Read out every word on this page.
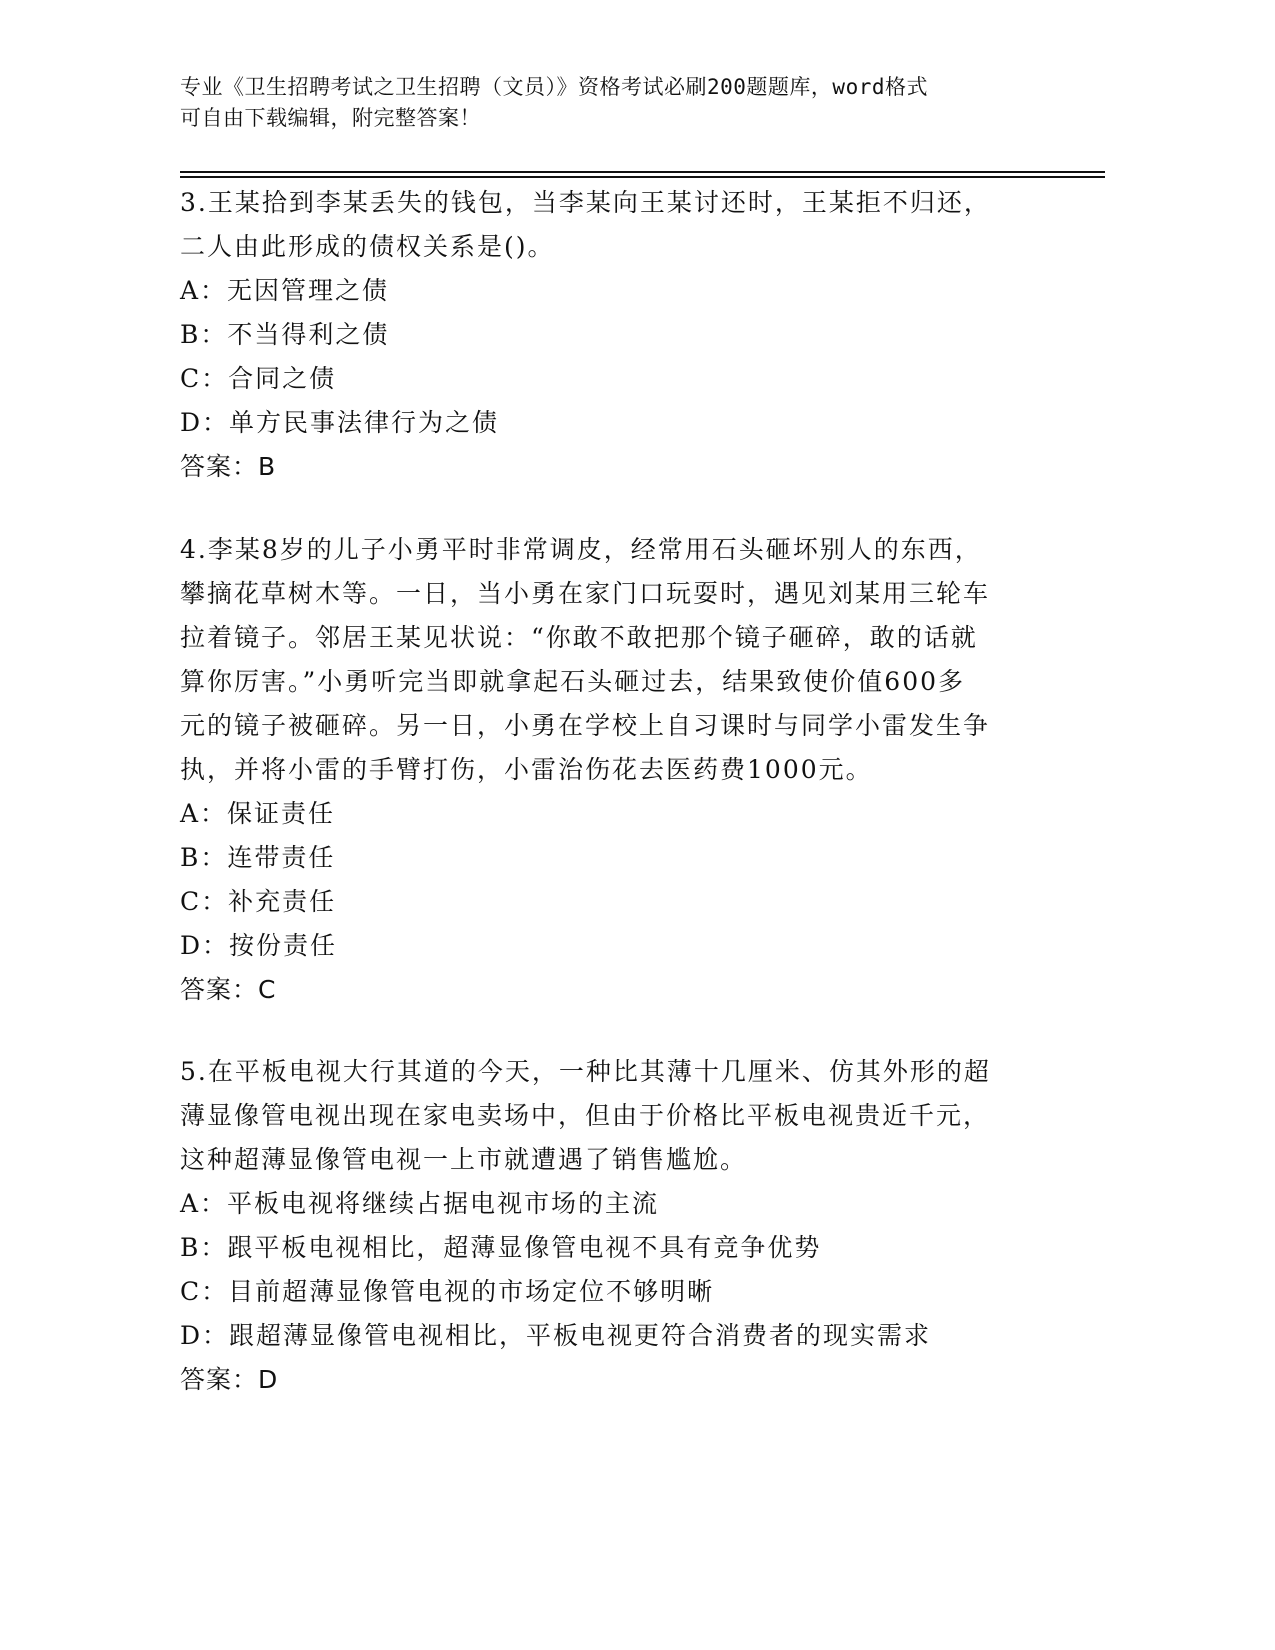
专业《卫生招聘考试之卫生招聘（文员）》资格考试必刷200题题库，word格式
可自由下载编辑，附完整答案！
3.王某拾到李某丢失的钱包，当李某向王某讨还时，王某拒不归还，
二人由此形成的债权关系是()。
A：无因管理之债
B：不当得利之债
C：合同之债
D：单方民事法律行为之债
答案：B
4.李某8岁的儿子小勇平时非常调皮，经常用石头砸坏别人的东西，
攀摘花草树木等。一日，当小勇在家门口玩耍时，遇见刘某用三轮车
拉着镜子。邻居王某见状说：“你敢不敢把那个镜子砸碎，敢的话就
算你厉害。”小勇听完当即就拿起石头砸过去，结果致使价值600多
元的镜子被砸碎。另一日，小勇在学校上自习课时与同学小雷发生争
执，并将小雷的手臂打伤，小雷治伤花去医药费1000元。
A：保证责任
B：连带责任
C：补充责任
D：按份责任
答案：C
5.在平板电视大行其道的今天，一种比其薄十几厘米、仿其外形的超
薄显像管电视出现在家电卖场中，但由于价格比平板电视贵近千元，
这种超薄显像管电视一上市就遭遇了销售尴尬。
A：平板电视将继续占据电视市场的主流
B：跟平板电视相比，超薄显像管电视不具有竞争优势
C：目前超薄显像管电视的市场定位不够明晰
D：跟超薄显像管电视相比，平板电视更符合消费者的现实需求
答案：D
